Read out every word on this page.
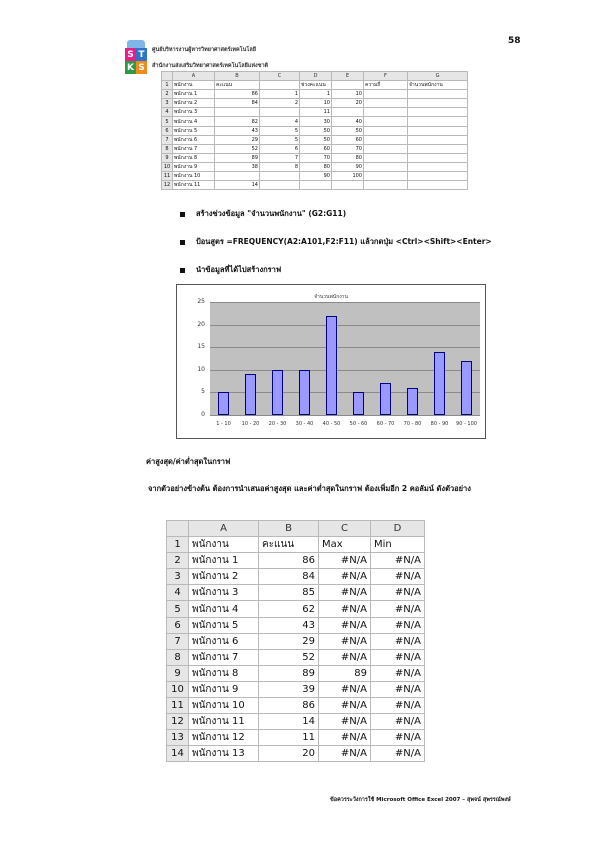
58
S T
K S
ศูนย์บริหารงานผู้หารวิทยาศาสตร์เทคโนโลยี
สำนักงานส่งเสริมวิทยาศาสตร์เทคโนโลยีแห่งชาติ
	A	B	C	D	E	F	G
1	พนักงาน	คะแนน		ช่วงคะแนน		ความถี่	จำนวนพนักงาน
2	พนักงาน 1	86	1	1	10		
3	พนักงาน 2	84	2	10	20		
4	พนักงาน 3			11			
5	พนักงาน 4	82	4	30	40		
6	พนักงาน 5	43	5	50	50		
7	พนักงาน 6	29	5	50	60		
8	พนักงาน 7	52	6	60	70		
9	พนักงาน 8	89	7	70	80		
10	พนักงาน 9	38	8	80	90		
11	พนักงาน 10			90	100		
12	พนักงาน 11	14					
สร้างช่วงข้อมูล "จำนวนพนักงาน" (G2:G11)
ป้อนสูตร =FREQUENCY(A2:A101,F2:F11) แล้วกดปุ่ม <Ctrl><Shift><Enter>
นำข้อมูลที่ได้ไปสร้างกราฟ
จำนวนพนักงาน
0
5
10
15
20
25
1 - 10	10 - 20	20 - 30	30 - 40	40 - 50	50 - 60	60 - 70	70 - 80	80 - 90	90 - 100
ค่าสูงสุด/ค่าต่ำสุดในกราฟ
จากตัวอย่างข้างต้น ต้องการนำเสนอค่าสูงสุด และค่าต่ำสุดในกราฟ ต้องเพิ่มอีก 2 คอลัมน์ ดังตัวอย่าง
	A	B	C	D
1	พนักงาน	คะแนน	Max	Min
2	พนักงาน 1	86	#N/A	#N/A
3	พนักงาน 2	84	#N/A	#N/A
4	พนักงาน 3	85	#N/A	#N/A
5	พนักงาน 4	62	#N/A	#N/A
6	พนักงาน 5	43	#N/A	#N/A
7	พนักงาน 6	29	#N/A	#N/A
8	พนักงาน 7	52	#N/A	#N/A
9	พนักงาน 8	89	89	#N/A
10	พนักงาน 9	39	#N/A	#N/A
11	พนักงาน 10	86	#N/A	#N/A
12	พนักงาน 11	14	#N/A	#N/A
13	พนักงาน 12	11	#N/A	#N/A
14	พนักงาน 13	20	#N/A	#N/A
ข้อควรระวังการใช้ Microsoft Office Excel 2007 – สุพจน์ สุพรรณ์พงษ์
